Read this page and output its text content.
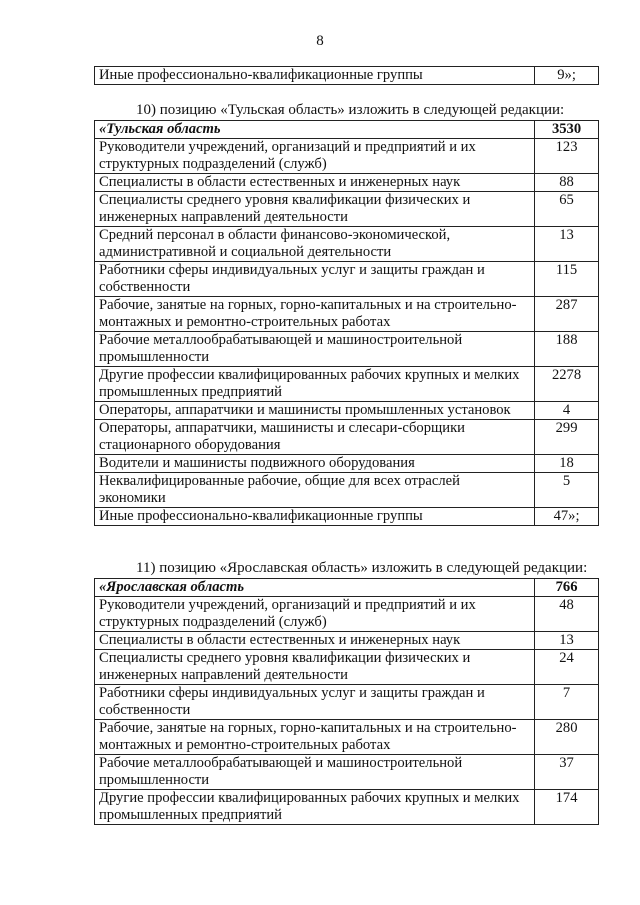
8
Иные профессионально-квалификационные группы	9»;
10) позицию «Тульская область» изложить в следующей редакции:
«Тульская область	3530
Руководители учреждений, организаций и предприятий и их структурных подразделений (служб)	123
Специалисты в области естественных и инженерных наук	88
Специалисты среднего уровня квалификации физических и инженерных направлений деятельности	65
Средний персонал в области финансово-экономической, административной и социальной деятельности	13
Работники сферы индивидуальных услуг и защиты граждан и собственности	115
Рабочие, занятые на горных, горно-капитальных и на строительно-монтажных и ремонтно-строительных работах	287
Рабочие металлообрабатывающей и машиностроительной промышленности	188
Другие профессии квалифицированных рабочих крупных и мелких промышленных предприятий	2278
Операторы, аппаратчики и машинисты промышленных установок	4
Операторы, аппаратчики, машинисты и слесари-сборщики стационарного оборудования	299
Водители и машинисты подвижного оборудования	18
Неквалифицированные рабочие, общие для всех отраслей экономики	5
Иные профессионально-квалификационные группы	47»;
11) позицию «Ярославская область» изложить в следующей редакции:
«Ярославская область	766
Руководители учреждений, организаций и предприятий и их структурных подразделений (служб)	48
Специалисты в области естественных и инженерных наук	13
Специалисты среднего уровня квалификации физических и инженерных направлений деятельности	24
Работники сферы индивидуальных услуг и защиты граждан и собственности	7
Рабочие, занятые на горных, горно-капитальных и на строительно-монтажных и ремонтно-строительных работах	280
Рабочие металлообрабатывающей и машиностроительной промышленности	37
Другие профессии квалифицированных рабочих крупных и мелких промышленных предприятий	174
